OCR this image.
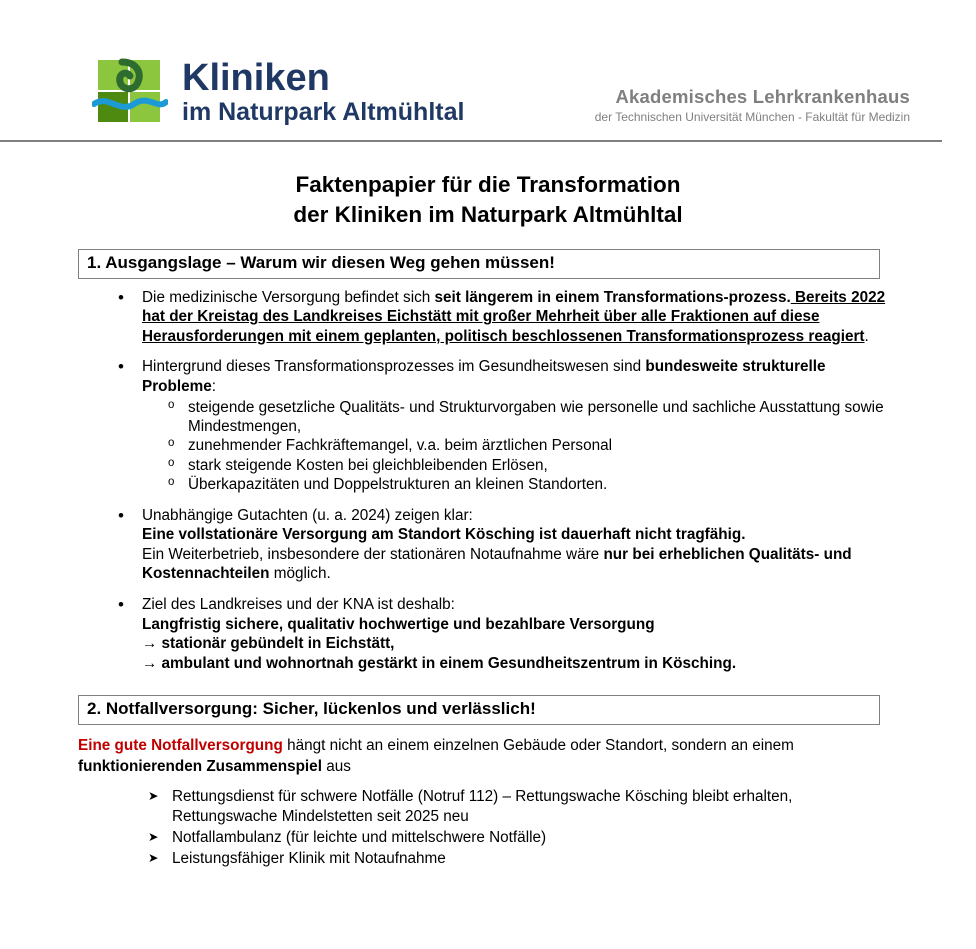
Kliniken
im Naturpark Altmühltal
Akademisches Lehrkrankenhaus
der Technischen Universität München - Fakultät für Medizin
Faktenpapier für die Transformation
der Kliniken im Naturpark Altmühltal
1. Ausgangslage – Warum wir diesen Weg gehen müssen!
• Die medizinische Versorgung befindet sich seit längerem in einem Transformations-prozess. Bereits 2022 hat der Kreistag des Landkreises Eichstätt mit großer Mehrheit über alle Fraktionen auf diese Herausforderungen mit einem geplanten, politisch beschlossenen Transformationsprozess reagiert.
• Hintergrund dieses Transformationsprozesses im Gesundheitswesen sind bundesweite strukturelle Probleme:
o steigende gesetzliche Qualitäts- und Strukturvorgaben wie personelle und sachliche Ausstattung sowie Mindestmengen,
o zunehmender Fachkräftemangel, v.a. beim ärztlichen Personal
o stark steigende Kosten bei gleichbleibenden Erlösen,
o Überkapazitäten und Doppelstrukturen an kleinen Standorten.
• Unabhängige Gutachten (u. a. 2024) zeigen klar:
Eine vollstationäre Versorgung am Standort Kösching ist dauerhaft nicht tragfähig.
Ein Weiterbetrieb, insbesondere der stationären Notaufnahme wäre nur bei erheblichen Qualitäts- und Kostennachteilen möglich.
• Ziel des Landkreises und der KNA ist deshalb:
Langfristig sichere, qualitativ hochwertige und bezahlbare Versorgung
→ stationär gebündelt in Eichstätt,
→ ambulant und wohnortnah gestärkt in einem Gesundheitszentrum in Kösching.
2. Notfallversorgung: Sicher, lückenlos und verlässlich!
Eine gute Notfallversorgung hängt nicht an einem einzelnen Gebäude oder Standort, sondern an einem funktionierenden Zusammenspiel aus
➤ Rettungsdienst für schwere Notfälle (Notruf 112) – Rettungswache Kösching bleibt erhalten, Rettungswache Mindelstetten seit 2025 neu
➤ Notfallambulanz (für leichte und mittelschwere Notfälle)
➤ Leistungsfähiger Klinik mit Notaufnahme
